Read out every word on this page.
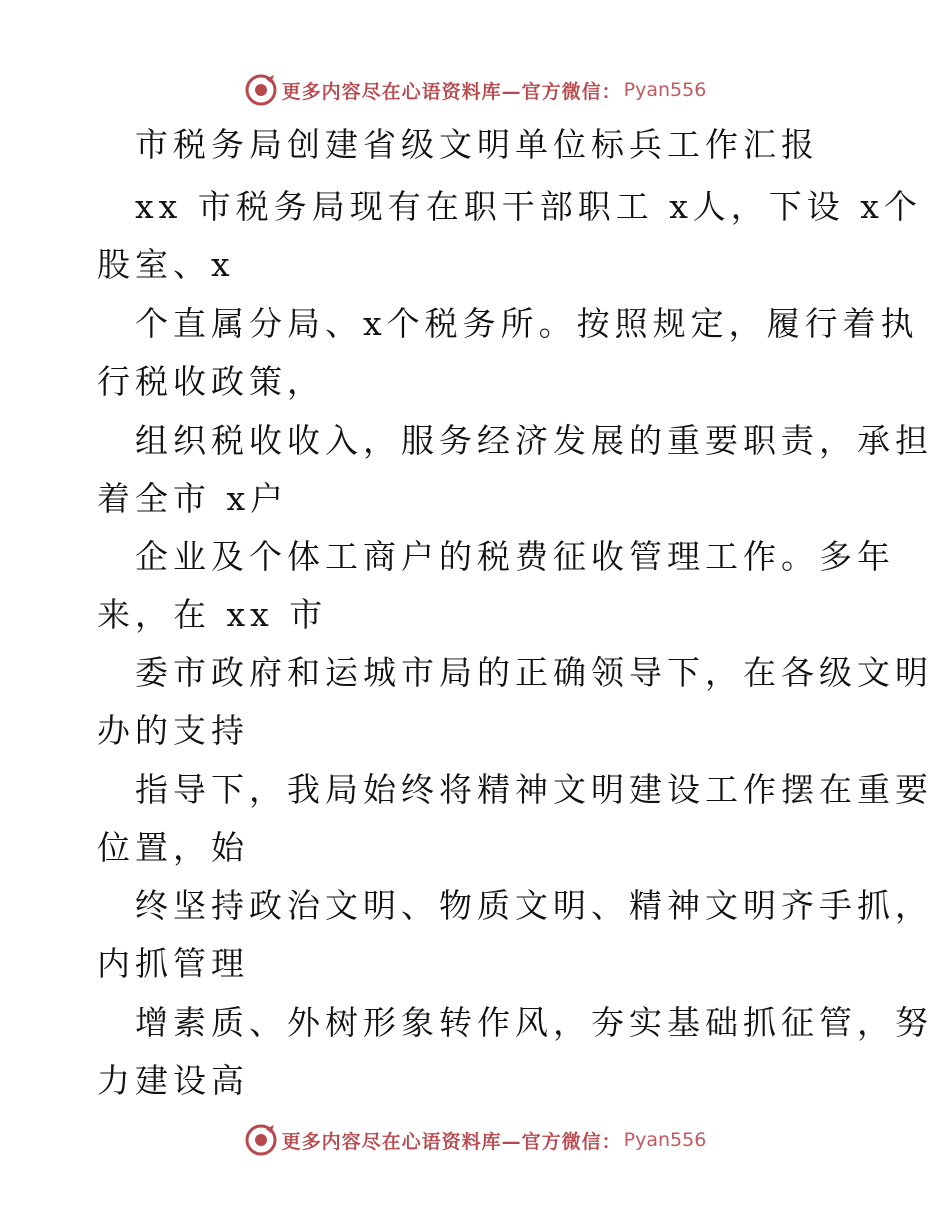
更多内容尽在心语资料库—官方微信： Pyan556
市税务局创建省级文明单位标兵工作汇报
xx 市税务局现有在职干部职工 x人，下设 x个
股室、x
个直属分局、x个税务所。按照规定，履行着执
行税收政策，
组织税收收入，服务经济发展的重要职责，承担
着全市 x户
企业及个体工商户的税费征收管理工作。多年
来，在 xx 市
委市政府和运城市局的正确领导下，在各级文明
办的支持
指导下，我局始终将精神文明建设工作摆在重要
位置，始
终坚持政治文明、物质文明、精神文明齐手抓，
内抓管理
增素质、外树形象转作风，夯实基础抓征管，努
力建设高
更多内容尽在心语资料库—官方微信： Pyan556
